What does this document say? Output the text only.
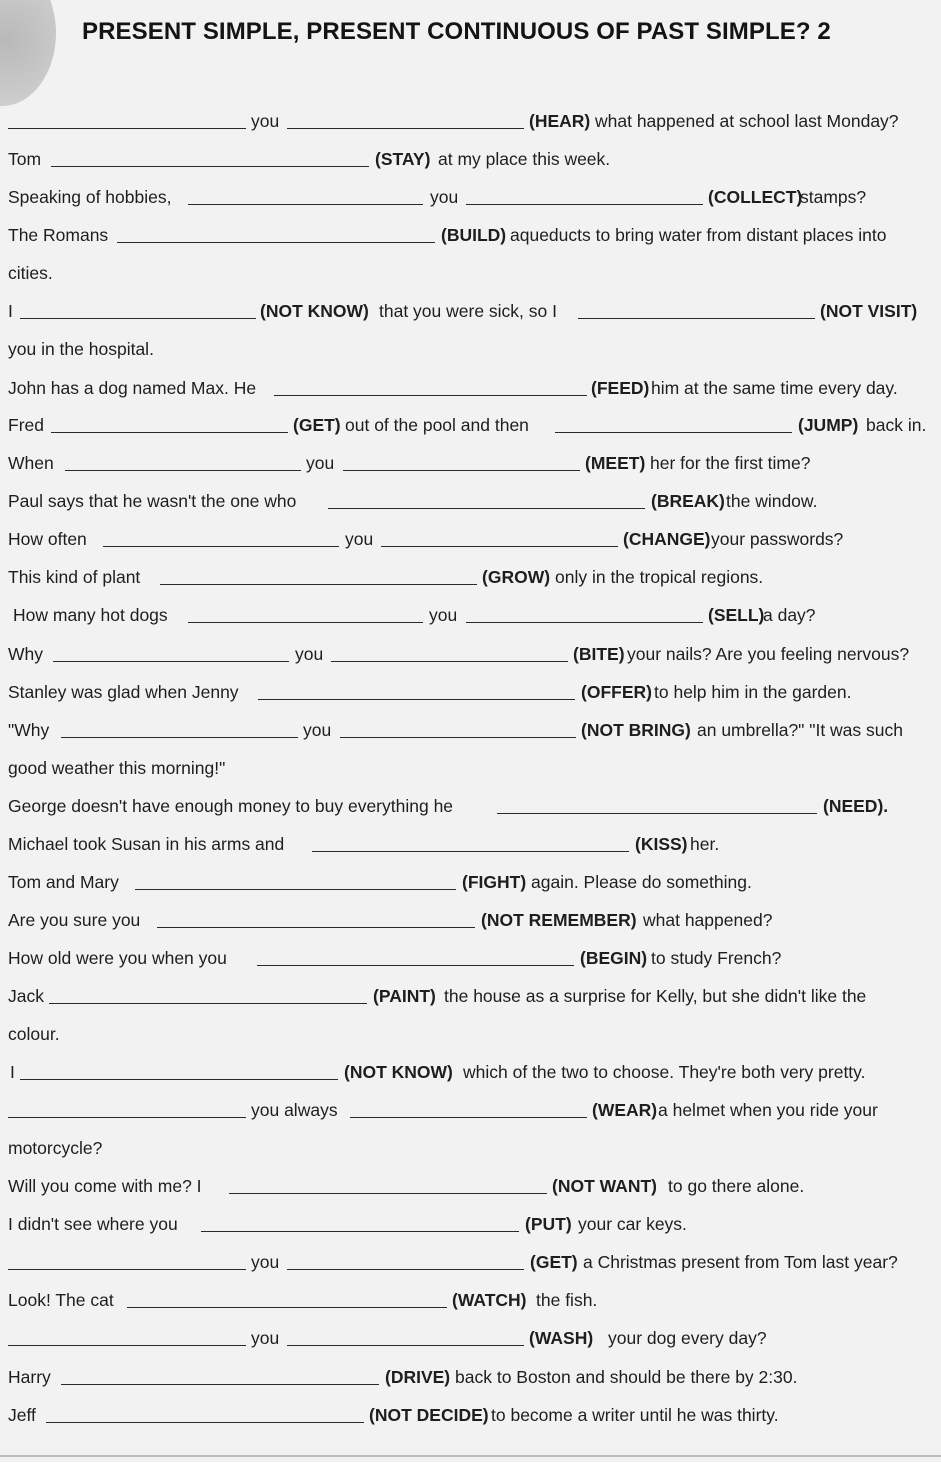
PRESENT SIMPLE, PRESENT CONTINUOUS OF PAST SIMPLE? 2
you	(HEAR) what happened at school last Monday?
Tom	(STAY) at my place this week.
Speaking of hobbies,	you	(COLLECT)
stamps?
The Romans	(BUILD) aqueducts to bring water from distant places into
cities.
I	(NOT KNOW) that you were sick, so I	(NOT VISIT)
you in the hospital.
John has a dog named Max. He	(FEED) him at the same time every day.
Fred	(GET) out of the pool and then	(JUMP) back in.
When	you	(MEET) her for the first time?
Paul says that he wasn't the one who	(BREAK) the window.
How often	you	(CHANGE) your passwords?
This kind of plant	(GROW) only in the tropical regions.
How many hot dogs	you	(SELL)
a day?
Why	you	(BITE) your nails? Are you feeling nervous?
Stanley was glad when Jenny	(OFFER) to help him in the garden.
"Why	you	(NOT BRING) an umbrella?" "It was such
good weather this morning!"
George doesn't have enough money to buy everything he	(NEED).
Michael took Susan in his arms and	(KISS) her.
Tom and Mary	(FIGHT) again. Please do something.
Are you sure you	(NOT REMEMBER) what happened?
How old were you when you	(BEGIN) to study French?
Jack	(PAINT) the house as a surprise for Kelly, but she didn't like the
colour.
I	(NOT KNOW) which of the two to choose. They're both very pretty.
you always	(WEAR) a helmet when you ride your
motorcycle?
Will you come with me? I	(NOT WANT) to go there alone.
I didn't see where you	(PUT) your car keys.
you	(GET) a Christmas present from Tom last year?
Look! The cat	(WATCH) the fish.
you	(WASH) your dog every day?
Harry	(DRIVE) back to Boston and should be there by 2:30.
Jeff	(NOT DECIDE) to become a writer until he was thirty.
